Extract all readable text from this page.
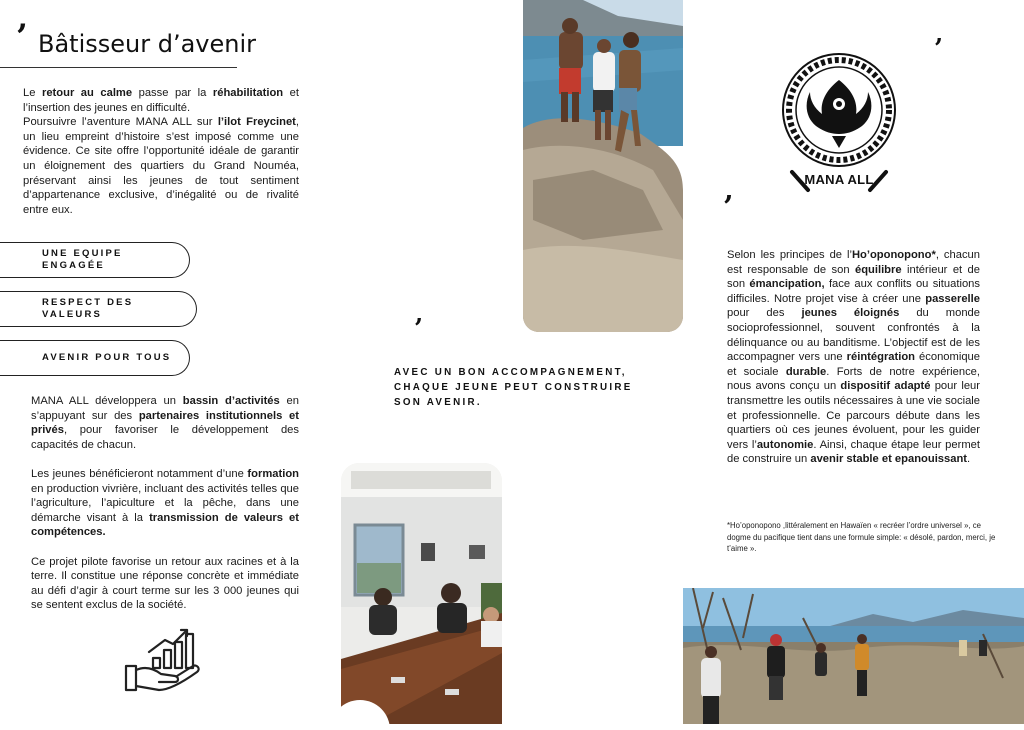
’ Bâtisseur d’avenir

Le retour au calme passe par la réhabilitation et l’insertion des jeunes en difficulté.
Poursuivre l’aventure MANA ALL sur l’ilot Freycinet, un lieu empreint d’histoire s’est imposé comme une évidence. Ce site offre l’opportunité idéale de garantir un éloignement des quartiers du Grand Nouméa, préservant ainsi les jeunes de tout sentiment d’appartenance exclusive, d’inégalité ou de rivalité entre eux.

UNE EQUIPE ENGAGÉE
RESPECT DES VALEURS
AVENIR POUR TOUS

MANA ALL développera un bassin d’activités en s’appuyant sur des partenaires institutionnels et privés, pour favoriser le développement des capacités de chacun.

Les jeunes bénéficieront notamment d’une formation en production vivrière, incluant des activités telles que l’agriculture, l’apiculture et la pêche, dans une démarche visant à la transmission de valeurs et compétences.

Ce projet pilote favorise un retour aux racines et à la terre. Il constitue une réponse concrète et immédiate au défi d’agir à court terme sur les 3 000 jeunes qui se sentent exclus de la société.

’
AVEC UN BON ACCOMPAGNEMENT, CHAQUE JEUNE PEUT CONSTRUIRE SON AVENIR.
’
MANA ALL
’

Selon les principes de l’Ho’oponopono*, chacun est responsable de son équilibre intérieur et de son émancipation, face aux conflits ou situations difficiles. Notre projet vise à créer une passerelle pour des jeunes éloignés du monde socioprofessionnel, souvent confrontés à la délinquance ou au banditisme. L’objectif est de les accompagner vers une réintégration économique et sociale durable. Forts de notre expérience, nous avons conçu un dispositif adapté pour leur transmettre les outils nécessaires à une vie sociale et professionnelle. Ce parcours débute dans les quartiers où ces jeunes évoluent, pour les guider vers l’autonomie. Ainsi, chaque étape leur permet de construire un avenir stable et epanouissant.

*Ho’oponopono ,littéralement en Hawaïen « recréer l’ordre universel », ce dogme du pacifique tient dans une formule simple: « désolé, pardon, merci, je t’aime ».
